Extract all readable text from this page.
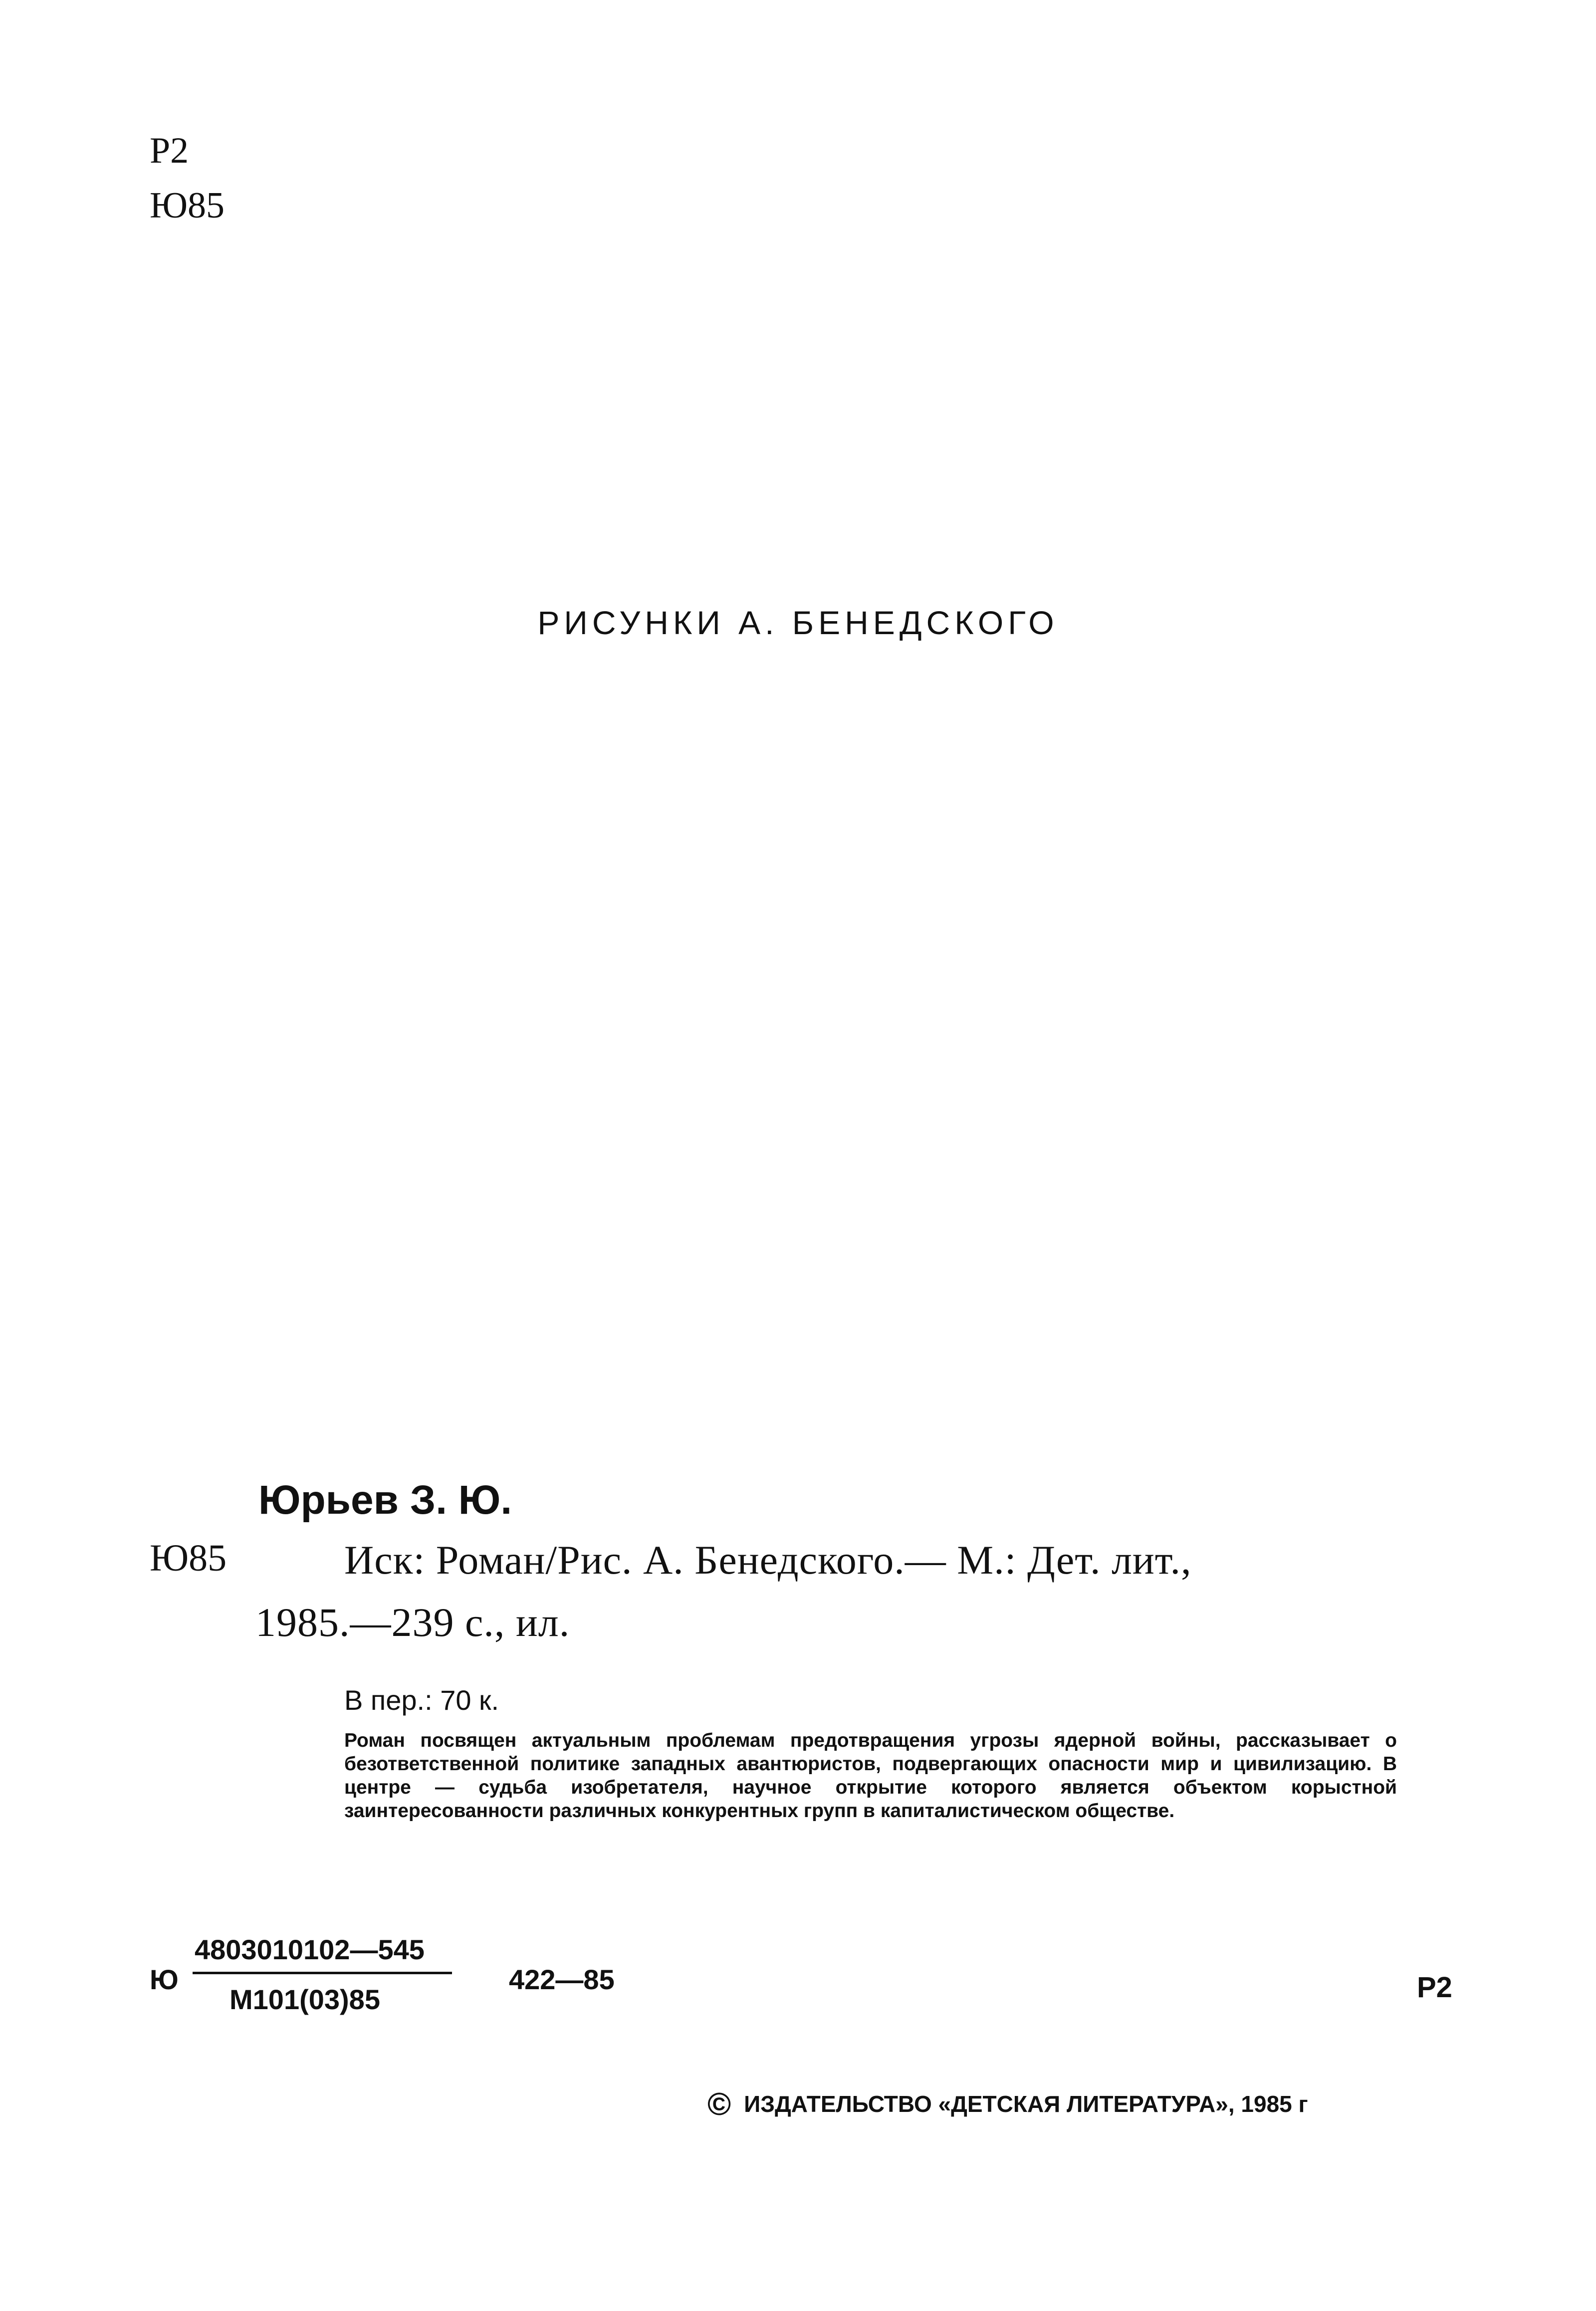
Р2
Ю85
РИСУНКИ А. БЕНЕДСКОГО
Юрьев З. Ю.
Ю85	Иск: Роман/Рис. А. Бенедского.— М.: Дет. лит.,
1985.—239 с., ил.
В пер.: 70 к.
Роман посвящен актуальным проблемам предотвращения угрозы ядерной войны, рассказывает о безответственной политике западных авантюристов, подвергающих опасности мир и цивилизацию. В центре — судьба изобретателя, научное открытие которого является объектом корыстной заинтересованности различных конкурентных групп в капиталистическом обществе.
Ю
4803010102—545
М101(03)85
422—85	Р2
© ИЗДАТЕЛЬСТВО «ДЕТСКАЯ ЛИТЕРАТУРА», 1985 г
